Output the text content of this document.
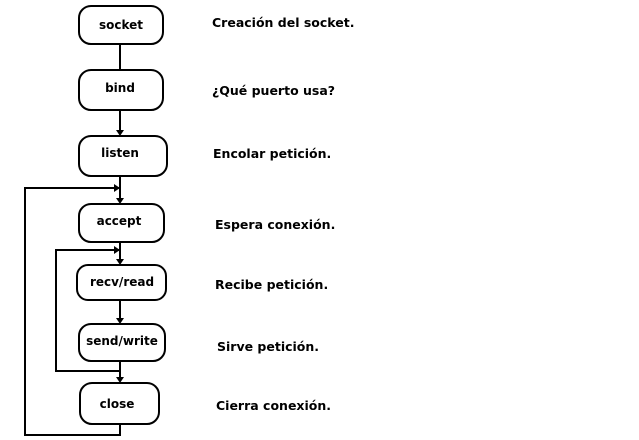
socket
bind
listen
accept
recv/read
send/write
close
Creación del socket.
¿Qué puerto usa?
Encolar petición.
Espera conexión.
Recibe petición.
Sirve petición.
Cierra conexión.
